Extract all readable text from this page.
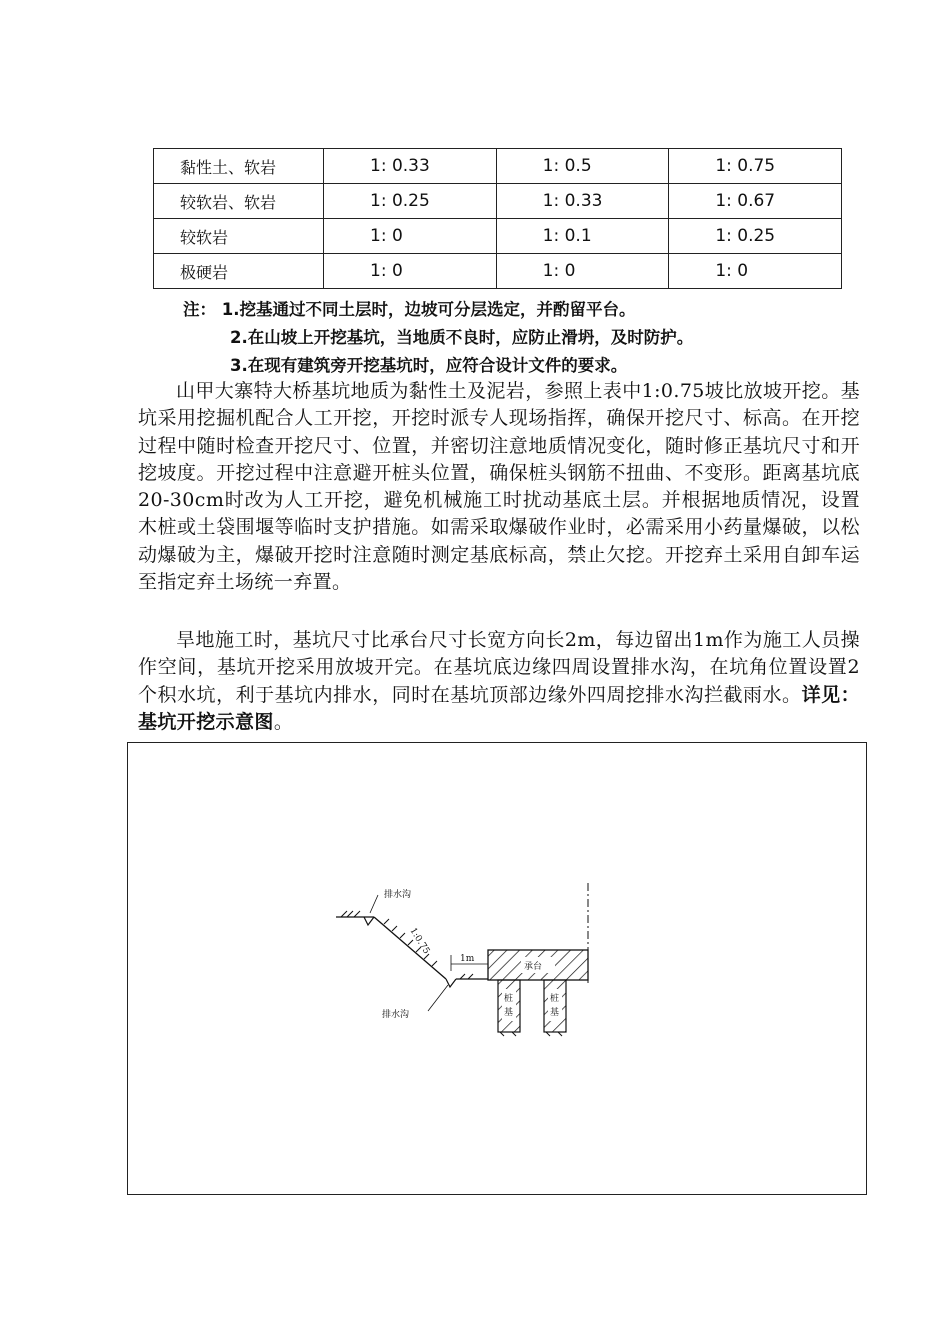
黏性土、软岩	1: 0.33	1: 0.5	1: 0.75
较软岩、软岩	1: 0.25	1: 0.33	1: 0.67
较软岩	1: 0	1: 0.1	1: 0.25
极硬岩	1: 0	1: 0	1: 0
注： 1.挖基通过不同土层时，边坡可分层选定，并酌留平台。
2.在山坡上开挖基坑，当地质不良时，应防止滑坍，及时防护。
3.在现有建筑旁开挖基坑时，应符合设计文件的要求。

山甲大寨特大桥基坑地质为黏性土及泥岩，参照上表中1:0.75坡比放坡开挖。基坑采用挖掘机配合人工开挖，开挖时派专人现场指挥，确保开挖尺寸、标高。在开挖过程中随时检查开挖尺寸、位置，并密切注意地质情况变化，随时修正基坑尺寸和开挖坡度。开挖过程中注意避开桩头位置，确保桩头钢筋不扭曲、不变形。距离基坑底20-30cm时改为人工开挖，避免机械施工时扰动基底土层。并根据地质情况，设置木桩或土袋围堰等临时支护措施。如需采取爆破作业时，必需采用小药量爆破，以松动爆破为主，爆破开挖时注意随时测定基底标高，禁止欠挖。开挖弃土采用自卸车运至指定弃土场统一弃置。

旱地施工时，基坑尺寸比承台尺寸长宽方向长2m，每边留出1m作为施工人员操作空间，基坑开挖采用放坡开完。在基坑底边缘四周设置排水沟，在坑角位置设置2个积水坑，利于基坑内排水，同时在基坑顶部边缘外四周挖排水沟拦截雨水。详见：基坑开挖示意图。

排水沟
1:0.75
排水沟
1m
承台
桩基
桩基
